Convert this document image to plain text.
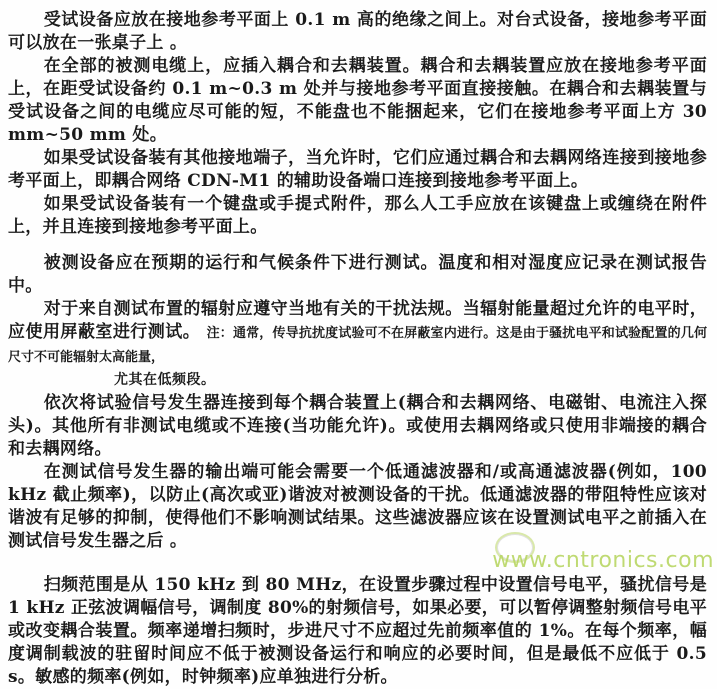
受试设备应放在接地参考平面上 0.1 m 高的绝缘之间上。对台式设备，接地参考平面可以放在一张桌子上 。

在全部的被测电缆上，应插入耦合和去耦装置。耦合和去耦装置应放在接地参考平面上，在距受试设备约 0.1 m~0.3 m 处并与接地参考平面直接接触。在耦合和去耦装置与受试设备之间的电缆应尽可能的短，不能盘也不能捆起来，它们在接地参考平面上方 30 mm~50 mm 处。

如果受试设备装有其他接地端子，当允许时，它们应通过耦合和去耦网络连接到接地参考平面上，即耦合网络 CDN-M1 的辅助设备端口连接到接地参考平面上。

如果受试设备装有一个键盘或手提式附件，那么人工手应放在该键盘上或缠绕在附件上，并且连接到接地参考平面上。

被测设备应在预期的运行和气候条件下进行测试。温度和相对湿度应记录在测试报告中。

对于来自测试布置的辐射应遵守当地有关的干扰法规。当辐射能量超过允许的电平时，应使用屏蔽室进行测试。 注：通常，传导抗扰度试验可不在屏蔽室内进行。这是由于骚扰电平和试验配置的几何尺寸不可能辐射太高能量，

尤其在低频段。

依次将试验信号发生器连接到每个耦合装置上(耦合和去耦网络、电磁钳、电流注入探头)。其他所有非测试电缆或不连接(当功能允许)。或使用去耦网络或只使用非端接的耦合和去耦网络。

在测试信号发生器的输出端可能会需要一个低通滤波器和/或高通滤波器(例如，100 kHz 截止频率)，以防止(高次或亚)谐波对被测设备的干扰。低通滤波器的带阻特性应该对谐波有足够的抑制，使得他们不影响测试结果。这些滤波器应该在设置测试电平之前插入在测试信号发生器之后 。

扫频范围是从 150 kHz 到 80 MHz，在设置步骤过程中设置信号电平，骚扰信号是 1 kHz 正弦波调幅信号，调制度 80%的射频信号，如果必要，可以暂停调整射频信号电平或改变耦合装置。频率递增扫频时，步进尺寸不应超过先前频率值的 1%。在每个频率，幅度调制载波的驻留时间应不低于被测设备运行和响应的必要时间，但是最低不应低于 0.5 s。敏感的频率(例如，时钟频率)应单独进行分析。

www.cntronics.com
